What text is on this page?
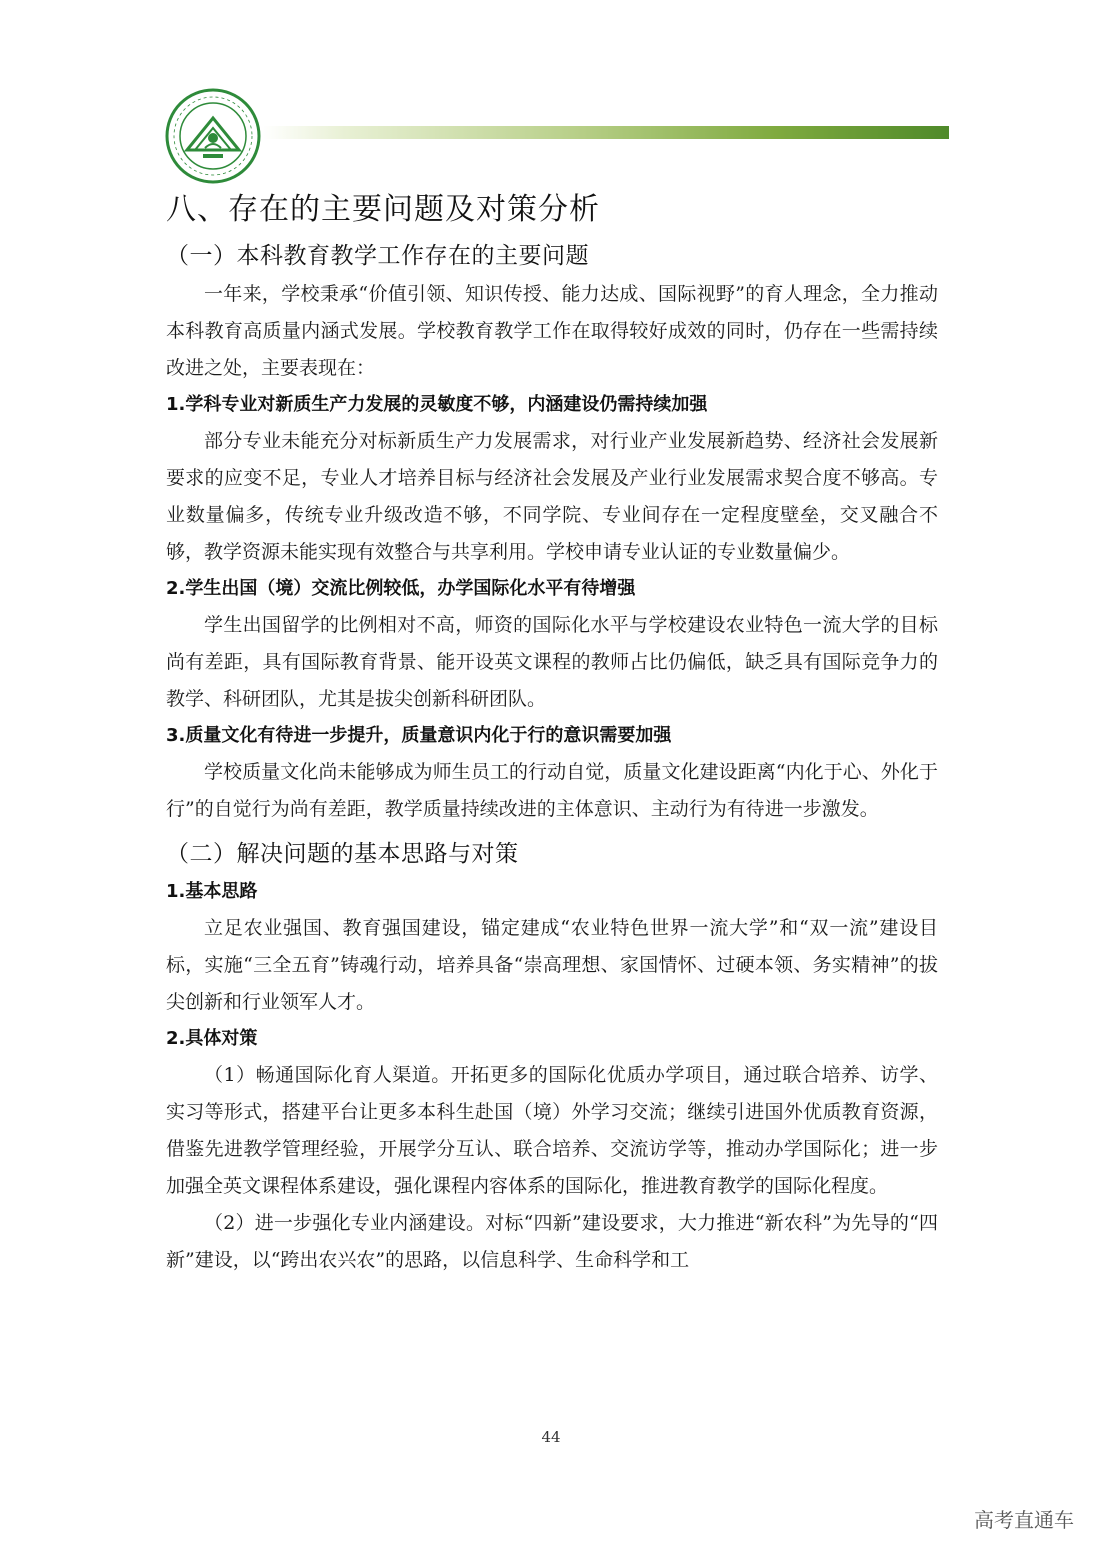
八、存在的主要问题及对策分析
（一）本科教育教学工作存在的主要问题

一年来，学校秉承“价值引领、知识传授、能力达成、国际视野”的育人理念，全力推动本科教育高质量内涵式发展。学校教育教学工作在取得较好成效的同时，仍存在一些需持续改进之处，主要表现在：

1.学科专业对新质生产力发展的灵敏度不够，内涵建设仍需持续加强

部分专业未能充分对标新质生产力发展需求，对行业产业发展新趋势、经济社会发展新要求的应变不足，专业人才培养目标与经济社会发展及产业行业发展需求契合度不够高。专业数量偏多，传统专业升级改造不够，不同学院、专业间存在一定程度壁垒，交叉融合不够，教学资源未能实现有效整合与共享利用。学校申请专业认证的专业数量偏少。

2.学生出国（境）交流比例较低，办学国际化水平有待增强

学生出国留学的比例相对不高，师资的国际化水平与学校建设农业特色一流大学的目标尚有差距，具有国际教育背景、能开设英文课程的教师占比仍偏低，缺乏具有国际竞争力的教学、科研团队，尤其是拔尖创新科研团队。

3.质量文化有待进一步提升，质量意识内化于行的意识需要加强

学校质量文化尚未能够成为师生员工的行动自觉，质量文化建设距离“内化于心、外化于行”的自觉行为尚有差距，教学质量持续改进的主体意识、主动行为有待进一步激发。

（二）解决问题的基本思路与对策
1.基本思路

立足农业强国、教育强国建设，锚定建成“农业特色世界一流大学”和“双一流”建设目标，实施“三全五育”铸魂行动，培养具备“崇高理想、家国情怀、过硬本领、务实精神”的拔尖创新和行业领军人才。

2.具体对策

（1）畅通国际化育人渠道。开拓更多的国际化优质办学项目，通过联合培养、访学、实习等形式，搭建平台让更多本科生赴国（境）外学习交流；继续引进国外优质教育资源，借鉴先进教学管理经验，开展学分互认、联合培养、交流访学等，推动办学国际化；进一步加强全英文课程体系建设，强化课程内容体系的国际化，推进教育教学的国际化程度。

（2）进一步强化专业内涵建设。对标“四新”建设要求，大力推进“新农科”为先导的“四新”建设，以“跨出农兴农”的思路，以信息科学、生命科学和工

44
高考直通车
